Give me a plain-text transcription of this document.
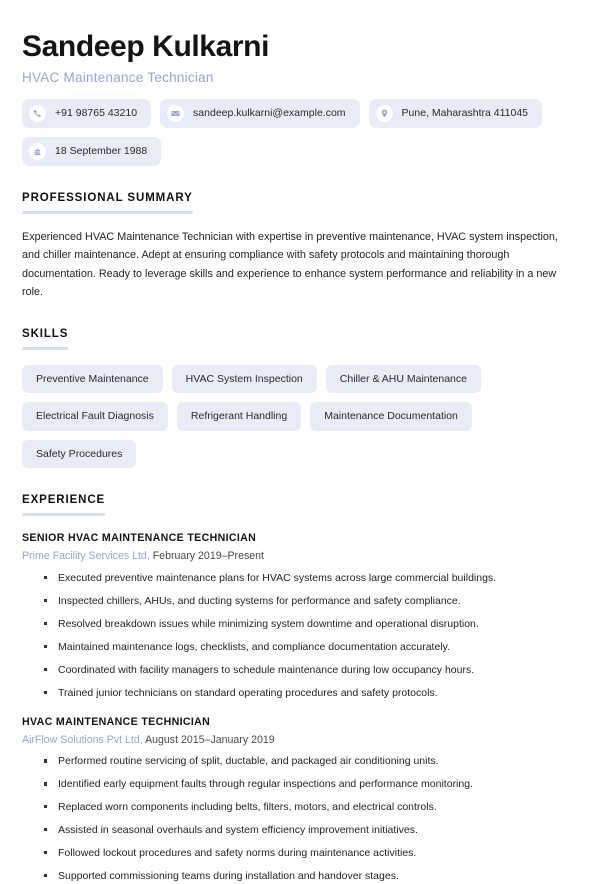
Sandeep Kulkarni
HVAC Maintenance Technician
+91 98765 43210	sandeep.kulkarni@example.com	Pune, Maharashtra 411045
18 September 1988
PROFESSIONAL SUMMARY

Experienced HVAC Maintenance Technician with expertise in preventive maintenance, HVAC system inspection, and chiller maintenance. Adept at ensuring compliance with safety protocols and maintaining thorough documentation. Ready to leverage skills and experience to enhance system performance and reliability in a new role.

SKILLS
Preventive Maintenance	HVAC System Inspection	Chiller & AHU Maintenance
Electrical Fault Diagnosis	Refrigerant Handling	Maintenance Documentation
Safety Procedures
EXPERIENCE
SENIOR HVAC MAINTENANCE TECHNICIAN
Prime Facility Services Ltd, February 2019–Present
Executed preventive maintenance plans for HVAC systems across large commercial buildings.
Inspected chillers, AHUs, and ducting systems for performance and safety compliance.
Resolved breakdown issues while minimizing system downtime and operational disruption.
Maintained maintenance logs, checklists, and compliance documentation accurately.
Coordinated with facility managers to schedule maintenance during low occupancy hours.
Trained junior technicians on standard operating procedures and safety protocols.
HVAC MAINTENANCE TECHNICIAN
AirFlow Solutions Pvt Ltd, August 2015–January 2019
Performed routine servicing of split, ductable, and packaged air conditioning units.
Identified early equipment faults through regular inspections and performance monitoring.
Replaced worn components including belts, filters, motors, and electrical controls.
Assisted in seasonal overhauls and system efficiency improvement initiatives.
Followed lockout procedures and safety norms during maintenance activities.
Supported commissioning teams during installation and handover stages.
